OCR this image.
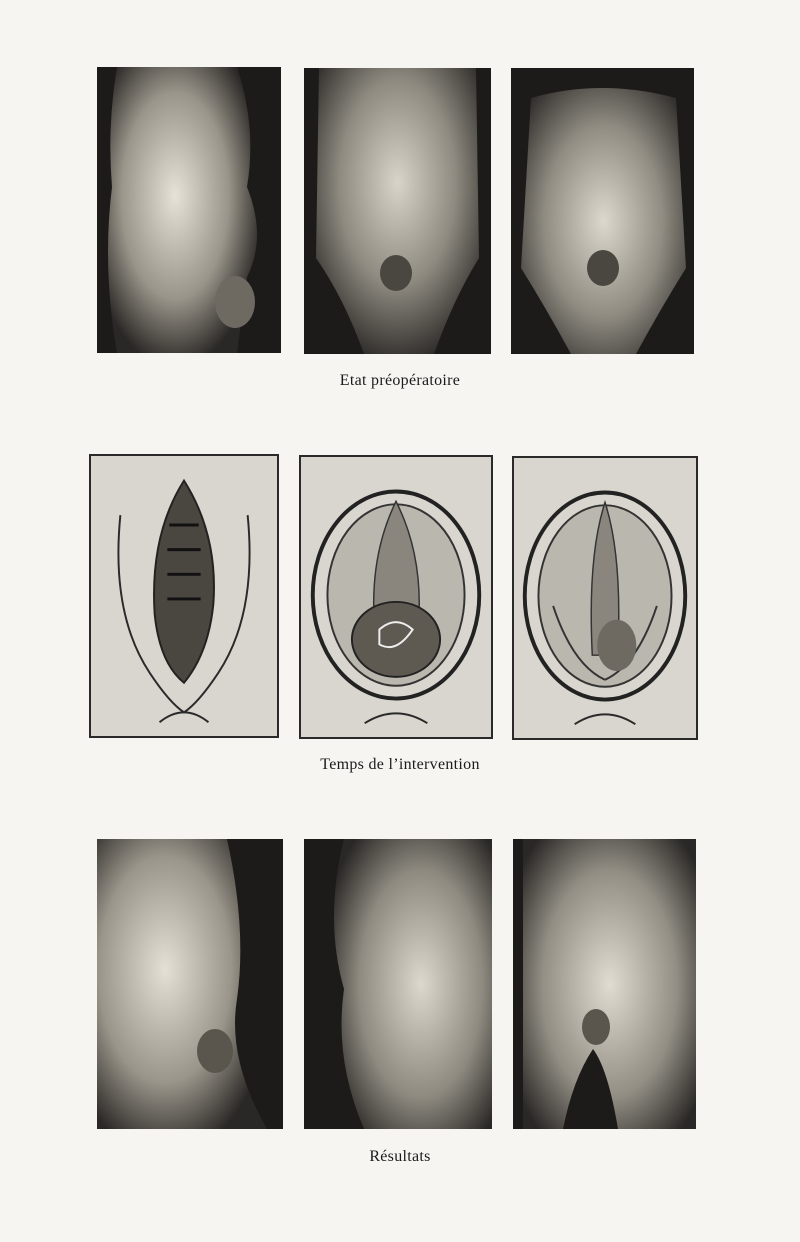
Etat préopératoire
Temps de l’intervention
Résultats
